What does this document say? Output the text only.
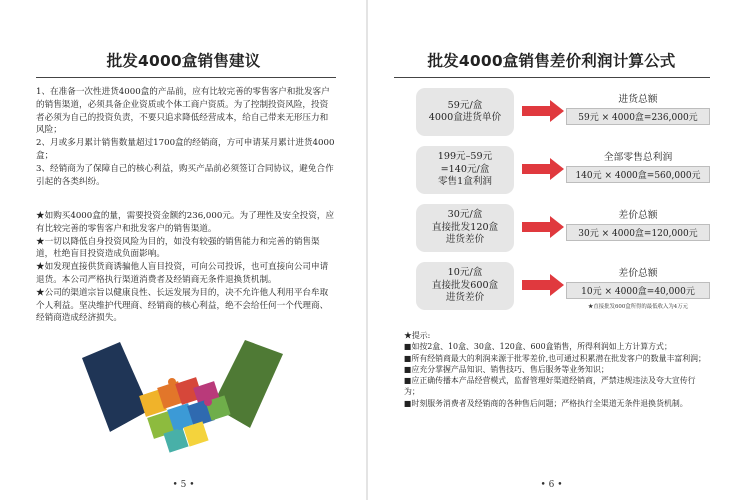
批发4000盒销售建议

1、在准备一次性进货4000盒的产品前，应有比较完善的零售客户和批发客户的销售渠道，必须具备企业资质或个体工商户资质。为了控制投资风险，投资者必须为自己的投资负责，不要只追求降低经营成本，给自己带来无形压力和风险；

2、月或多月累计销售数量超过1700盒的经销商，方可申请某月累计进货4000盒；

3、经销商为了保障自己的核心利益，购买产品前必须签订合同协议，避免合作引起的各类纠纷。

★如购买4000盒的量，需要投资金额约236,000元。为了理性及安全投资，应有比较完善的零售客户和批发客户的销售渠道。

★一切以降低自身投资风险为目的，如没有较强的销售能力和完善的销售渠道，杜绝盲目投资造成负面影响。

★如发现直接供货商诱骗他人盲目投资，可向公司投诉，也可直接向公司申请退货。本公司严格执行渠道消费者及经销商无条件退换货机制。

★公司的渠道宗旨以健康良性、长远发展为目的，决不允许他人利用平台牟取个人利益。坚决维护代理商、经销商的核心利益，绝不会给任何一个代理商、经销商造成经济损失。

• 5 •
批发4000盒销售差价利润计算公式
59元/盒
4000盒进货单价
进货总额
59元 × 4000盒=236,000元
199元–59元
=140元/盒
零售1盒利润
全部零售总利润
140元 × 4000盒=560,000元
30元/盒
直接批发120盒
进货差价
差价总额
30元 × 4000盒=120,000元
10元/盒
直接批发600盒
进货差价
差价总额
10元 × 4000盒=40,000元
★直接批发600盒所得的最低收入为4万元

★提示:

■如按2盒、10盒、30盒、120盒、600盒销售，所得利润如上方计算方式；

■所有经销商最大的利润来源于批零差价,也可通过积累潜在批发客户的数量丰富利润；

■应充分掌握产品知识、销售技巧、售后服务等业务知识；

■应正确传播本产品经营模式，监督管理好渠道经销商，严禁违规违法及夸大宣传行为；

■时刻服务消费者及经销商的各种售后问题；严格执行全渠道无条件退换货机制。

• 6 •
